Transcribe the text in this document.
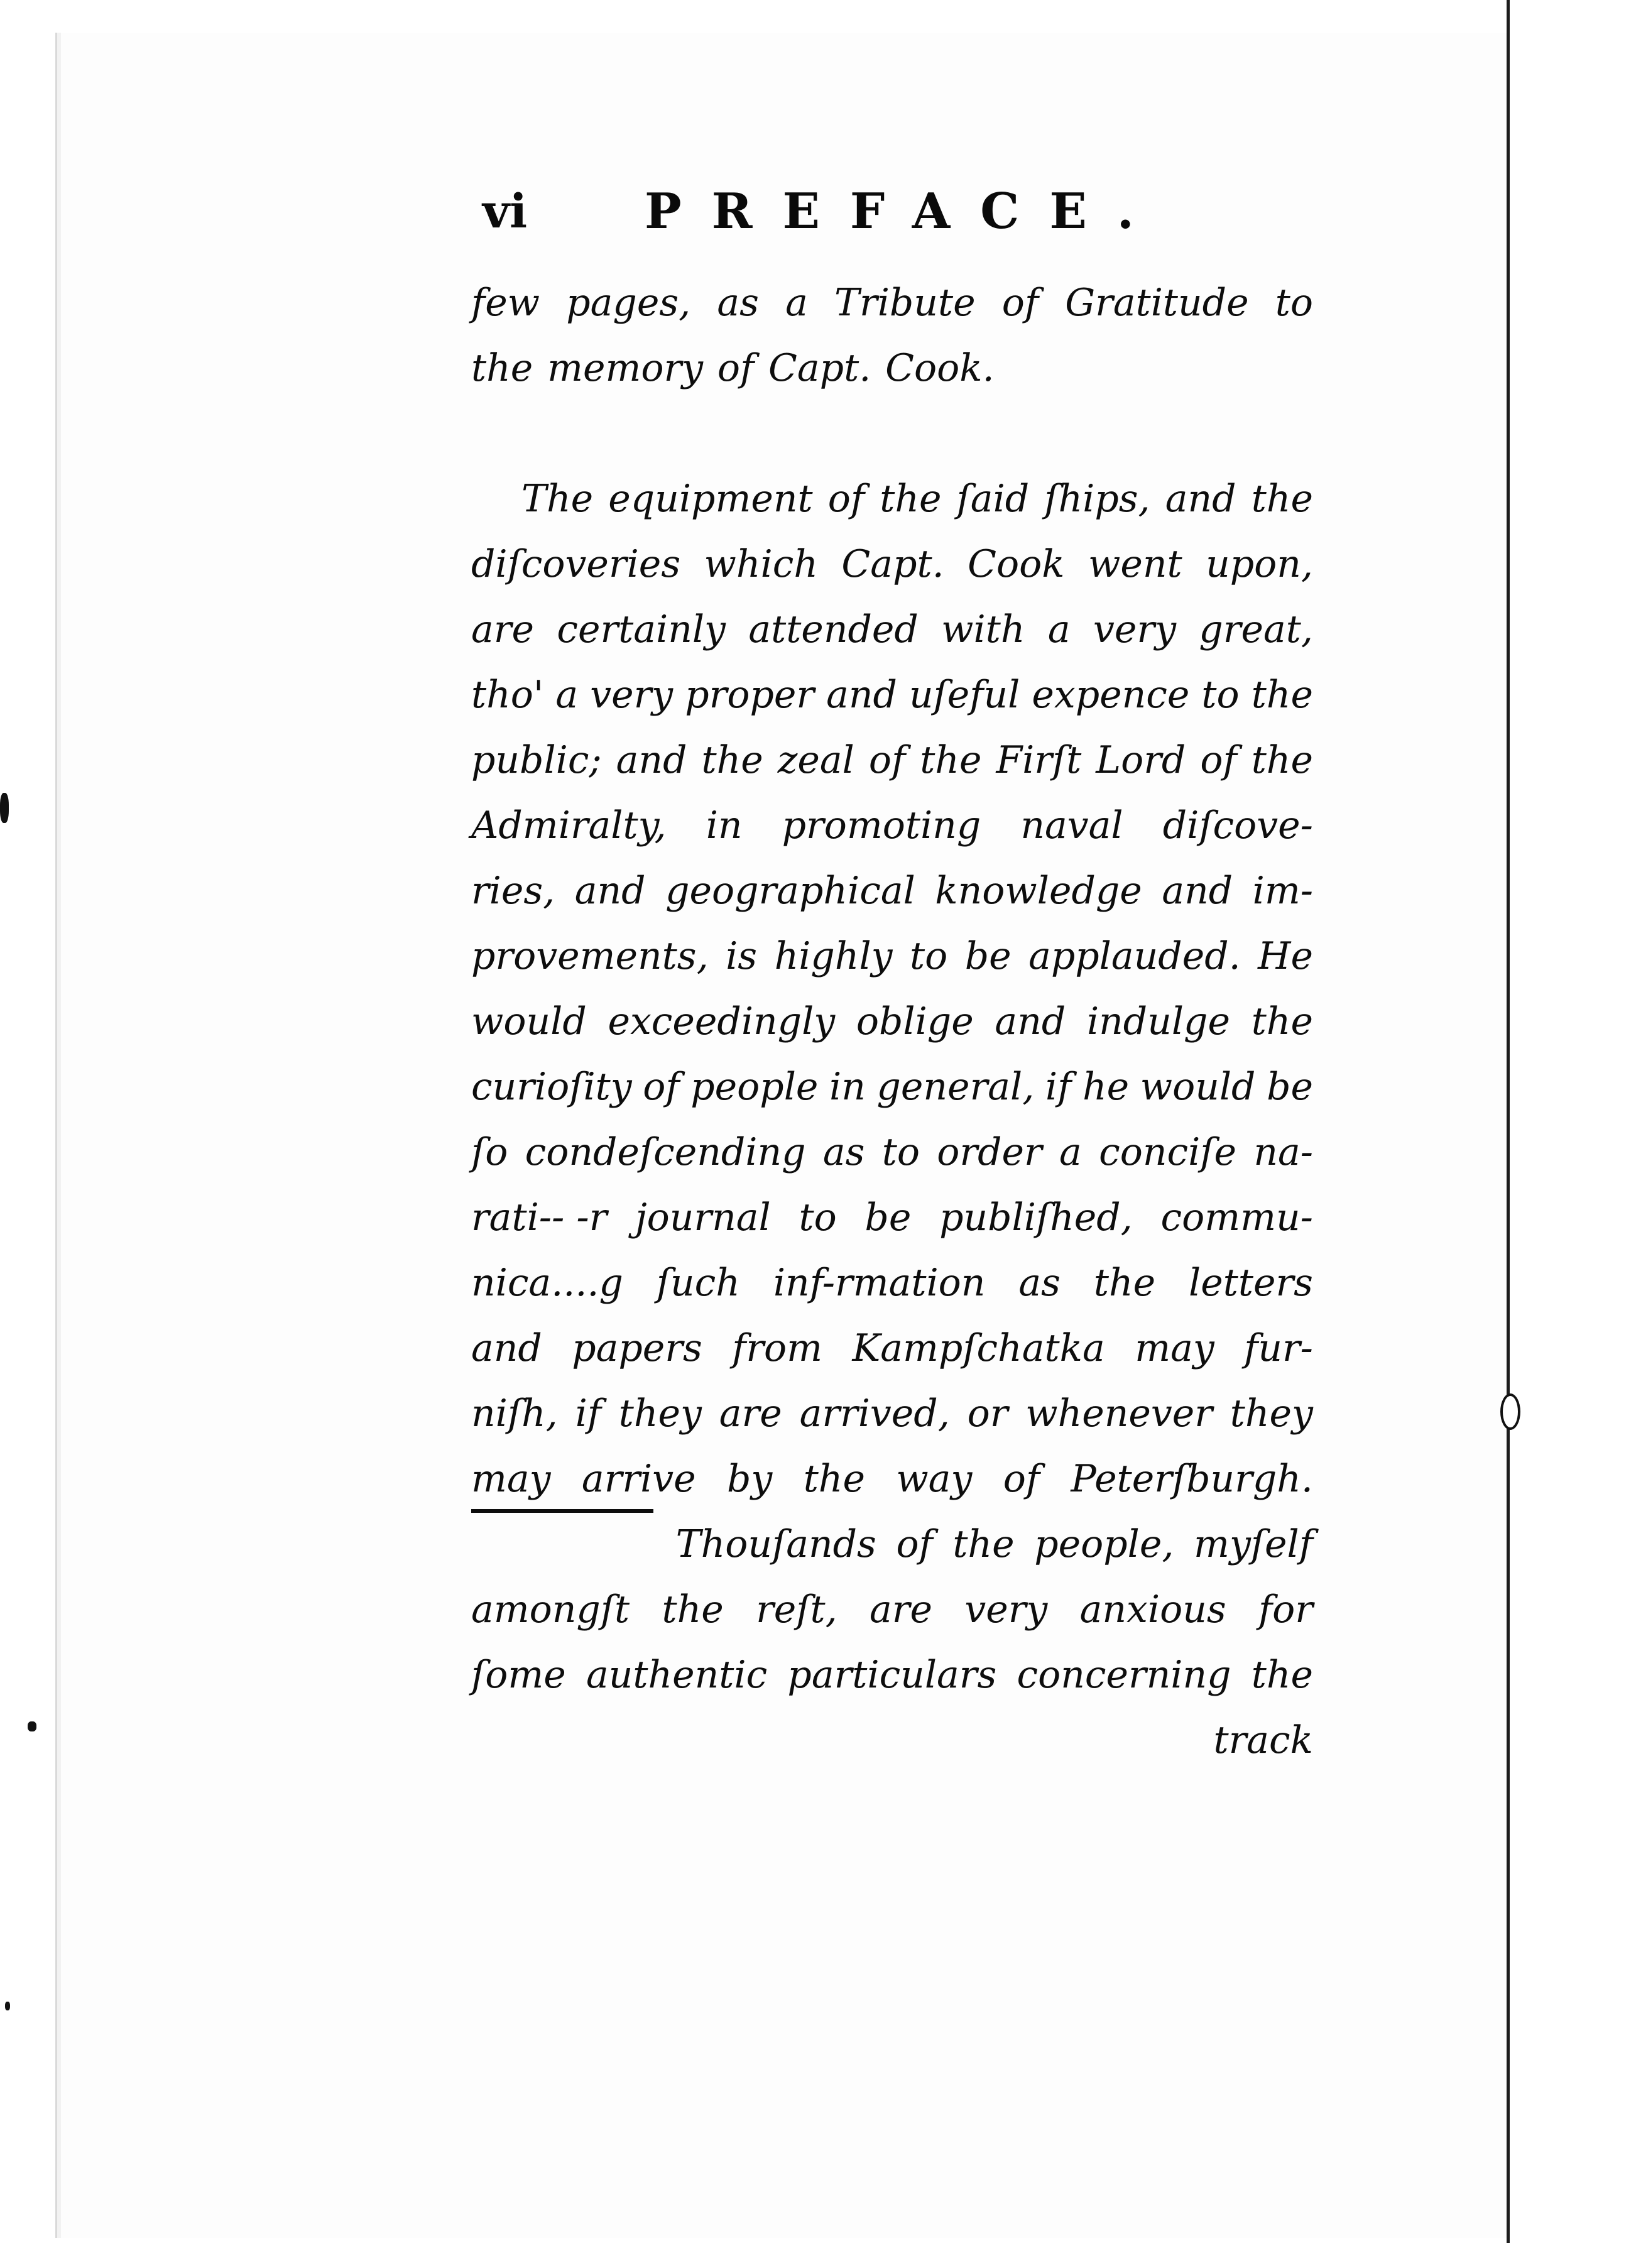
vi PREFACE.
few pages, as a Tribute of Gratitude to
the memory of Capt. Cook.
The equipment of the ſaid ſhips, and the
diſcoveries which Capt. Cook went upon,
are certainly attended with a very great,
tho' a very proper and uſeful expence to the
public; and the zeal of the Firſt Lord of the
Admiralty, in promoting naval diſcove-
ries, and geographical knowledge and im-
provements, is highly to be applauded. He
would exceedingly oblige and indulge the
curioſity of people in general, if he would be
ſo condeſcending as to order a conciſe na-
rati-- -r journal to be publiſhed, commu-
nica....g ſuch inf-rmation as the letters
and papers from Kampſchatka may fur-
niſh, if they are arrived, or whenever they
may arrive by the way of Peterſburgh.
Thouſands of the people, myſelf
amongſt the reſt, are very anxious for
ſome authentic particulars concerning the
track
